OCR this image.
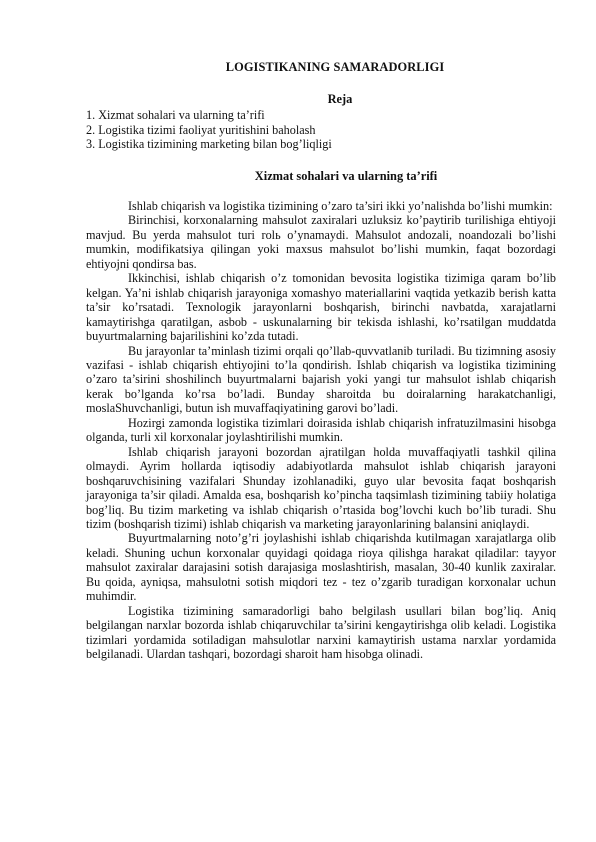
LOGISTIKANING SAMARADORLIGI
Reja
1. Xizmat sohalari va ularning ta’rifi
2. Logistika tizimi faoliyat yuritishini baholash
3. Logistika tizimining marketing bilan bog’liqligi
Xizmat sohalari va ularning ta’rifi

Ishlab chiqarish va logistika tizimining o’zaro ta’siri ikki yo’nalishda bo’lishi mumkin:

Birinchisi, korxonalarning mahsulot zaxiralari uzluksiz ko’paytirib turilishiga ehtiyoji mavjud. Bu yerda mahsulot turi rolь o’ynamaydi. Mahsulot andozali, noandozali bo’lishi mumkin, modifikatsiya qilingan yoki maxsus mahsulot bo’lishi mumkin, faqat bozordagi ehtiyojni qondirsa bas.

Ikkinchisi, ishlab chiqarish o’z tomonidan bevosita logistika tizimiga qaram bo’lib kelgan. Ya’ni ishlab chiqarish jarayoniga xomashyo materiallarini vaqtida yetkazib berish katta ta’sir ko’rsatadi. Texnologik jarayonlarni boshqarish, birinchi navbatda, xarajatlarni kamaytirishga qaratilgan, asbob - uskunalarning bir tekisda ishlashi, ko’rsatilgan muddatda buyurtmalarning bajarilishini ko’zda tutadi.

Bu jarayonlar ta’minlash tizimi orqali qo’llab-quvvatlanib turiladi. Bu tizimning asosiy vazifasi - ishlab chiqarish ehtiyojini to’la qondirish. Ishlab chiqarish va logistika tizimining o’zaro ta’sirini shoshilinch buyurtmalarni bajarish yoki yangi tur mahsulot ishlab chiqarish kerak bo’lganda ko’rsa bo’ladi. Bunday sharoitda bu doiralarning harakatchanligi, moslaShuvchanligi, butun ish muvaffaqiyatining garovi bo’ladi.

Hozirgi zamonda logistika tizimlari doirasida ishlab chiqarish infratuzilmasini hisobga olganda, turli xil korxonalar joylashtirilishi mumkin.

Ishlab chiqarish jarayoni bozordan ajratilgan holda muvaffaqiyatli tashkil qilina olmaydi. Ayrim hollarda iqtisodiy adabiyotlarda mahsulot ishlab chiqarish jarayoni boshqaruvchisining vazifalari Shunday izohlanadiki, guyo ular bevosita faqat boshqarish jarayoniga ta’sir qiladi. Amalda esa, boshqarish ko’pincha taqsimlash tizimining tabiiy holatiga bog’liq. Bu tizim marketing va ishlab chiqarish o’rtasida bog’lovchi kuch bo’lib turadi. Shu tizim (boshqarish tizimi) ishlab chiqarish va marketing jarayonlarining balansini aniqlaydi.

Buyurtmalarning noto’g’ri joylashishi ishlab chiqarishda kutilmagan xarajatlarga olib keladi. Shuning uchun korxonalar quyidagi qoidaga rioya qilishga harakat qiladilar: tayyor mahsulot zaxiralar darajasini sotish darajasiga moslashtirish, masalan, 30-40 kunlik zaxiralar. Bu qoida, ayniqsa, mahsulotni sotish miqdori tez - tez o’zgarib turadigan korxonalar uchun muhimdir.

Logistika tizimining samaradorligi baho belgilash usullari bilan bog’liq. Aniq belgilangan narxlar bozorda ishlab chiqaruvchilar ta’sirini kengaytirishga olib keladi. Logistika tizimlari yordamida sotiladigan mahsulotlar narxini kamaytirish ustama narxlar yordamida belgilanadi. Ulardan tashqari, bozordagi sharoit ham hisobga olinadi.
